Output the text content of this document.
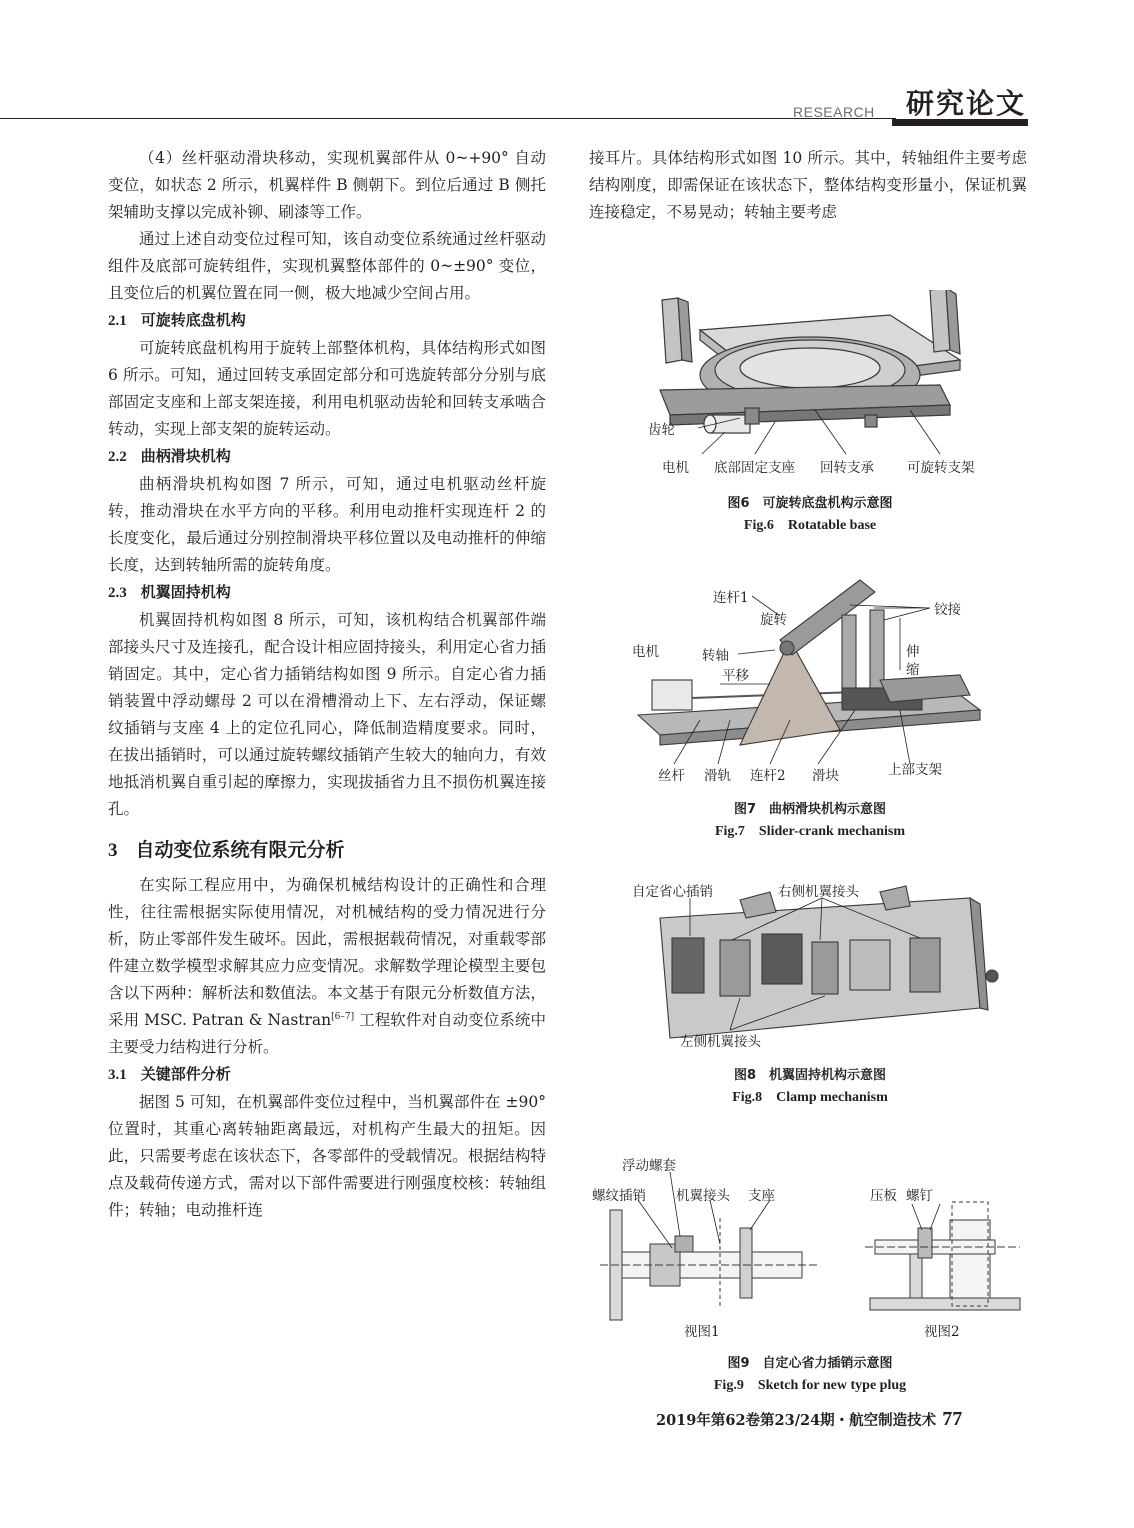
RESEARCH 研究论文

（4）丝杆驱动滑块移动，实现机翼部件从 0~+90° 自动变位，如状态 2 所示，机翼样件 B 侧朝下。到位后通过 B 侧托架辅助支撑以完成补铆、刷漆等工作。

通过上述自动变位过程可知，该自动变位系统通过丝杆驱动组件及底部可旋转组件，实现机翼整体部件的 0~±90° 变位，且变位后的机翼位置在同一侧，极大地减少空间占用。

2.1 可旋转底盘机构

可旋转底盘机构用于旋转上部整体机构，具体结构形式如图 6 所示。可知，通过回转支承固定部分和可选旋转部分分别与底部固定支座和上部支架连接，利用电机驱动齿轮和回转支承啮合转动，实现上部支架的旋转运动。

2.2 曲柄滑块机构

曲柄滑块机构如图 7 所示，可知，通过电机驱动丝杆旋转，推动滑块在水平方向的平移。利用电动推杆实现连杆 2 的长度变化，最后通过分别控制滑块平移位置以及电动推杆的伸缩长度，达到转轴所需的旋转角度。

2.3 机翼固持机构

机翼固持机构如图 8 所示，可知，该机构结合机翼部件端部接头尺寸及连接孔，配合设计相应固持接头，利用定心省力插销固定。其中，定心省力插销结构如图 9 所示。自定心省力插销装置中浮动螺母 2 可以在滑槽滑动上下、左右浮动，保证螺纹插销与支座 4 上的定位孔同心，降低制造精度要求。同时，在拔出插销时，可以通过旋转螺纹插销产生较大的轴向力，有效地抵消机翼自重引起的摩擦力，实现拔插省力且不损伤机翼连接孔。

3 自动变位系统有限元分析

在实际工程应用中，为确保机械结构设计的正确性和合理性，往往需根据实际使用情况，对机械结构的受力情况进行分析，防止零部件发生破坏。因此，需根据载荷情况，对重载零部件建立数学模型求解其应力应变情况。求解数学理论模型主要包含以下两种：解析法和数值法。本文基于有限元分析数值方法，采用 MSC. Patran & Nastran[6–7] 工程软件对自动变位系统中主要受力结构进行分析。

3.1 关键部件分析

据图 5 可知，在机翼部件变位过程中，当机翼部件在 ±90° 位置时，其重心离转轴距离最远，对机构产生最大的扭矩。因此，只需要考虑在该状态下，各零部件的受载情况。根据结构特点及载荷传递方式，需对以下部件需要进行刚强度校核：转轴组件；转轴；电动推杆连

接耳片。具体结构形式如图 10 所示。其中，转轴组件主要考虑结构刚度，即需保证在该状态下，整体结构变形量小，保证机翼连接稳定，不易晃动；转轴主要考虑

齿轮
电机 底部固定支座 回转支承 可旋转支架
图6　可旋转底盘机构示意图
Fig.6　Rotatable base
连杆1
旋转
铰接
电机	转轴	伸
缩
平移
丝杆 滑轨 连杆2 滑块	上部支架
图7　曲柄滑块机构示意图
Fig.7　Slider-crank mechanism
自定省心插销	右侧机翼接头
左侧机翼接头
图8　机翼固持机构示意图
Fig.8　Clamp mechanism
浮动螺套
螺纹插销 机翼接头 支座	压板 螺钉
视图1	视图2
图9　自定心省力插销示意图
Fig.9　Sketch for new type plug
2019年第62卷第23/24期・航空制造技术 77
